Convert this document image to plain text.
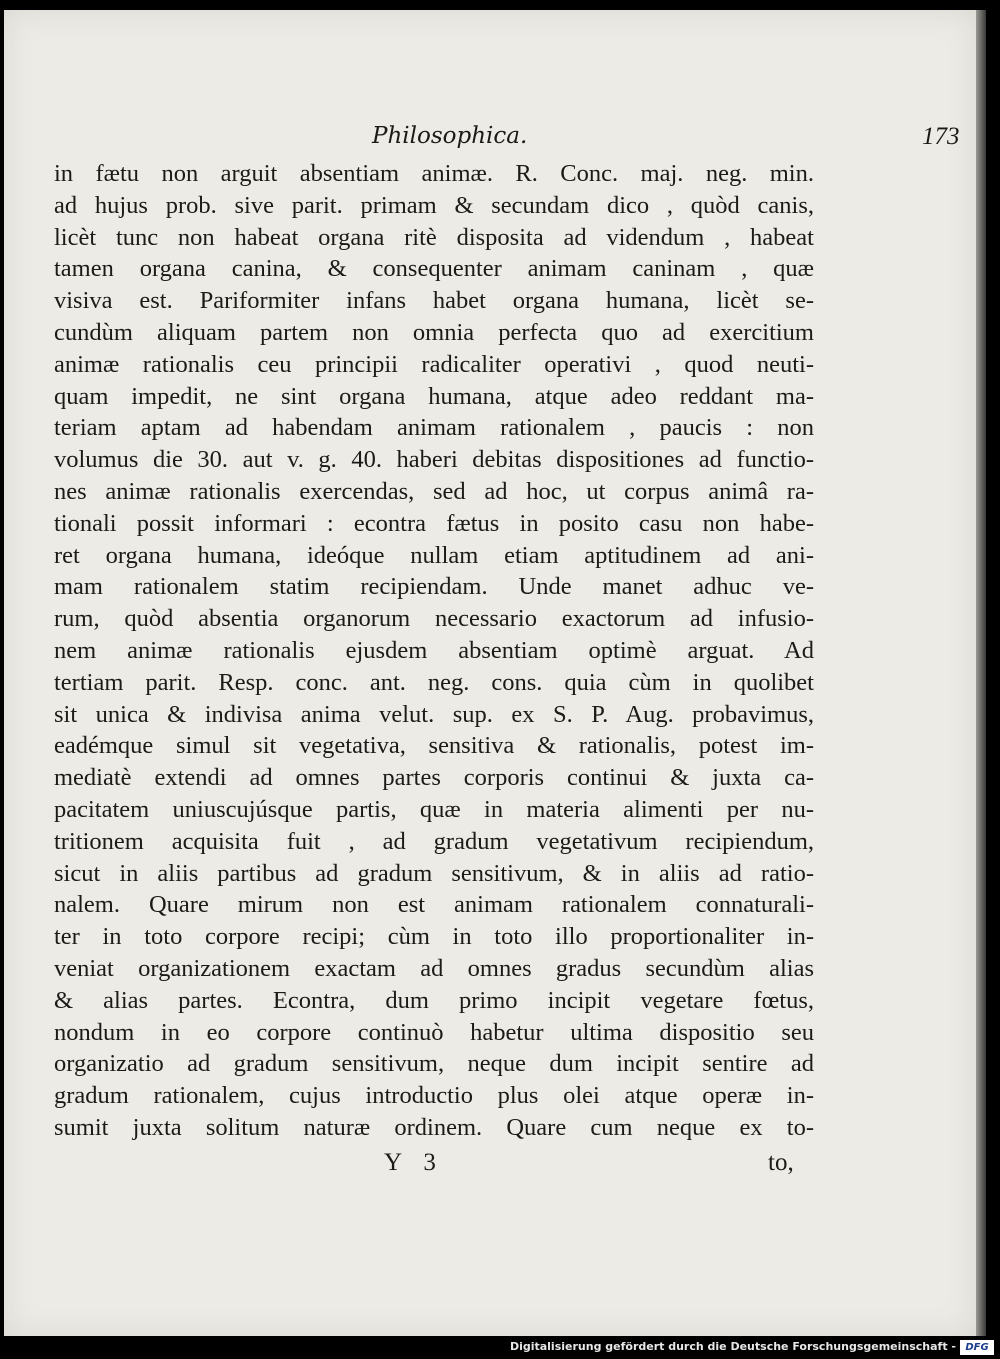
Philosophica.	173
in fætu non arguit absentiam animæ. R. Conc. maj. neg. min.
ad hujus prob. sive parit. primam & secundam dico , quòd canis,
licèt tunc non habeat organa ritè disposita ad videndum , habeat
tamen organa canina, & consequenter animam caninam , quæ
visiva est. Pariformiter infans habet organa humana, licèt se-
cundùm aliquam partem non omnia perfecta quo ad exercitium
animæ rationalis ceu principii radicaliter operativi , quod neuti-
quam impedit, ne sint organa humana, atque adeo reddant ma-
teriam aptam ad habendam animam rationalem , paucis : non
volumus die 30. aut v. g. 40. haberi debitas dispositiones ad functio-
nes animæ rationalis exercendas, sed ad hoc, ut corpus animâ ra-
tionali possit informari : econtra fætus in posito casu non habe-
ret organa humana, ideóque nullam etiam aptitudinem ad ani-
mam rationalem statim recipiendam. Unde manet adhuc ve-
rum, quòd absentia organorum necessario exactorum ad infusio-
nem animæ rationalis ejusdem absentiam optimè arguat. Ad
tertiam parit. Resp. conc. ant. neg. cons. quia cùm in quolibet
sit unica & indivisa anima velut. sup. ex S. P. Aug. probavimus,
eadémque simul sit vegetativa, sensitiva & rationalis, potest im-
mediatè extendi ad omnes partes corporis continui & juxta ca-
pacitatem uniuscujúsque partis, quæ in materia alimenti per nu-
tritionem acquisita fuit , ad gradum vegetativum recipiendum,
sicut in aliis partibus ad gradum sensitivum, & in aliis ad ratio-
nalem. Quare mirum non est animam rationalem connaturali-
ter in toto corpore recipi; cùm in toto illo proportionaliter in-
veniat organizationem exactam ad omnes gradus secundùm alias
& alias partes. Econtra, dum primo incipit vegetare fœtus,
nondum in eo corpore continuò habetur ultima dispositio seu
organizatio ad gradum sensitivum, neque dum incipit sentire ad
gradum rationalem, cujus introductio plus olei atque operæ in-
sumit juxta solitum naturæ ordinem. Quare cum neque ex to-
Y 3	to,
Digitalisierung gefördert durch die Deutsche Forschungsgemeinschaft - DFG
